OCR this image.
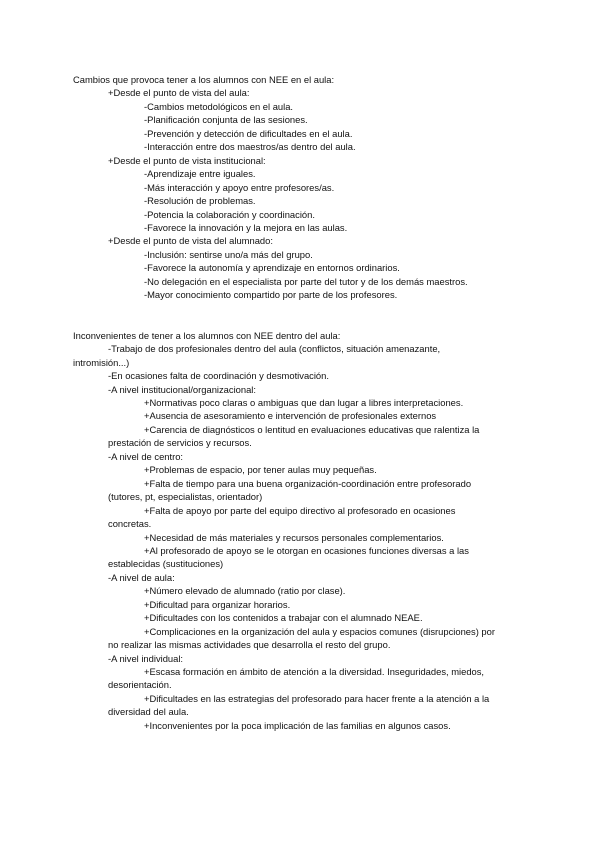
Cambios que provoca tener a los alumnos con NEE en el aula:
+Desde el punto de vista del aula:
-Cambios metodológicos en el aula.
-Planificación conjunta de las sesiones.
-Prevención y detección de dificultades en el aula.
-Interacción entre dos maestros/as dentro del aula.
+Desde el punto de vista institucional:
-Aprendizaje entre iguales.
-Más interacción y apoyo entre profesores/as.
-Resolución de problemas.
-Potencia la colaboración y coordinación.
-Favorece la innovación y la mejora en las aulas.
+Desde el punto de vista del alumnado:
-Inclusión: sentirse uno/a más del grupo.
-Favorece la autonomía y aprendizaje en entornos ordinarios.
-No delegación en el especialista por parte del tutor y de los demás maestros.
-Mayor conocimiento compartido por parte de los profesores.
Inconvenientes de tener a los alumnos con NEE dentro del aula:
-Trabajo de dos profesionales dentro del aula (conflictos, situación amenazante,
intromisión...)
-En ocasiones falta de coordinación y desmotivación.
-A nivel institucional/organizacional:
+Normativas poco claras o ambiguas que dan lugar a libres interpretaciones.
+Ausencia de asesoramiento e intervención de profesionales externos
+Carencia de diagnósticos o lentitud en evaluaciones educativas que ralentiza la
prestación de servicios y recursos.
-A nivel de centro:
+Problemas de espacio, por tener aulas muy pequeñas.
+Falta de tiempo para una buena organización-coordinación entre profesorado
(tutores, pt, especialistas, orientador)
+Falta de apoyo por parte del equipo directivo al profesorado en ocasiones
concretas.
+Necesidad de más materiales y recursos personales complementarios.
+Al profesorado de apoyo se le otorgan en ocasiones funciones diversas a las
establecidas (sustituciones)
-A nivel de aula:
+Número elevado de alumnado (ratio por clase).
+Dificultad para organizar horarios.
+Dificultades con los contenidos a trabajar con el alumnado NEAE.
+Complicaciones en la organización del aula y espacios comunes (disrupciones) por
no realizar las mismas actividades que desarrolla el resto del grupo.
-A nivel individual:
+Escasa formación en ámbito de atención a la diversidad. Inseguridades, miedos,
desorientación.
+Dificultades en las estrategias del profesorado para hacer frente a la atención a la
diversidad del aula.
+Inconvenientes por la poca implicación de las familias en algunos casos.
